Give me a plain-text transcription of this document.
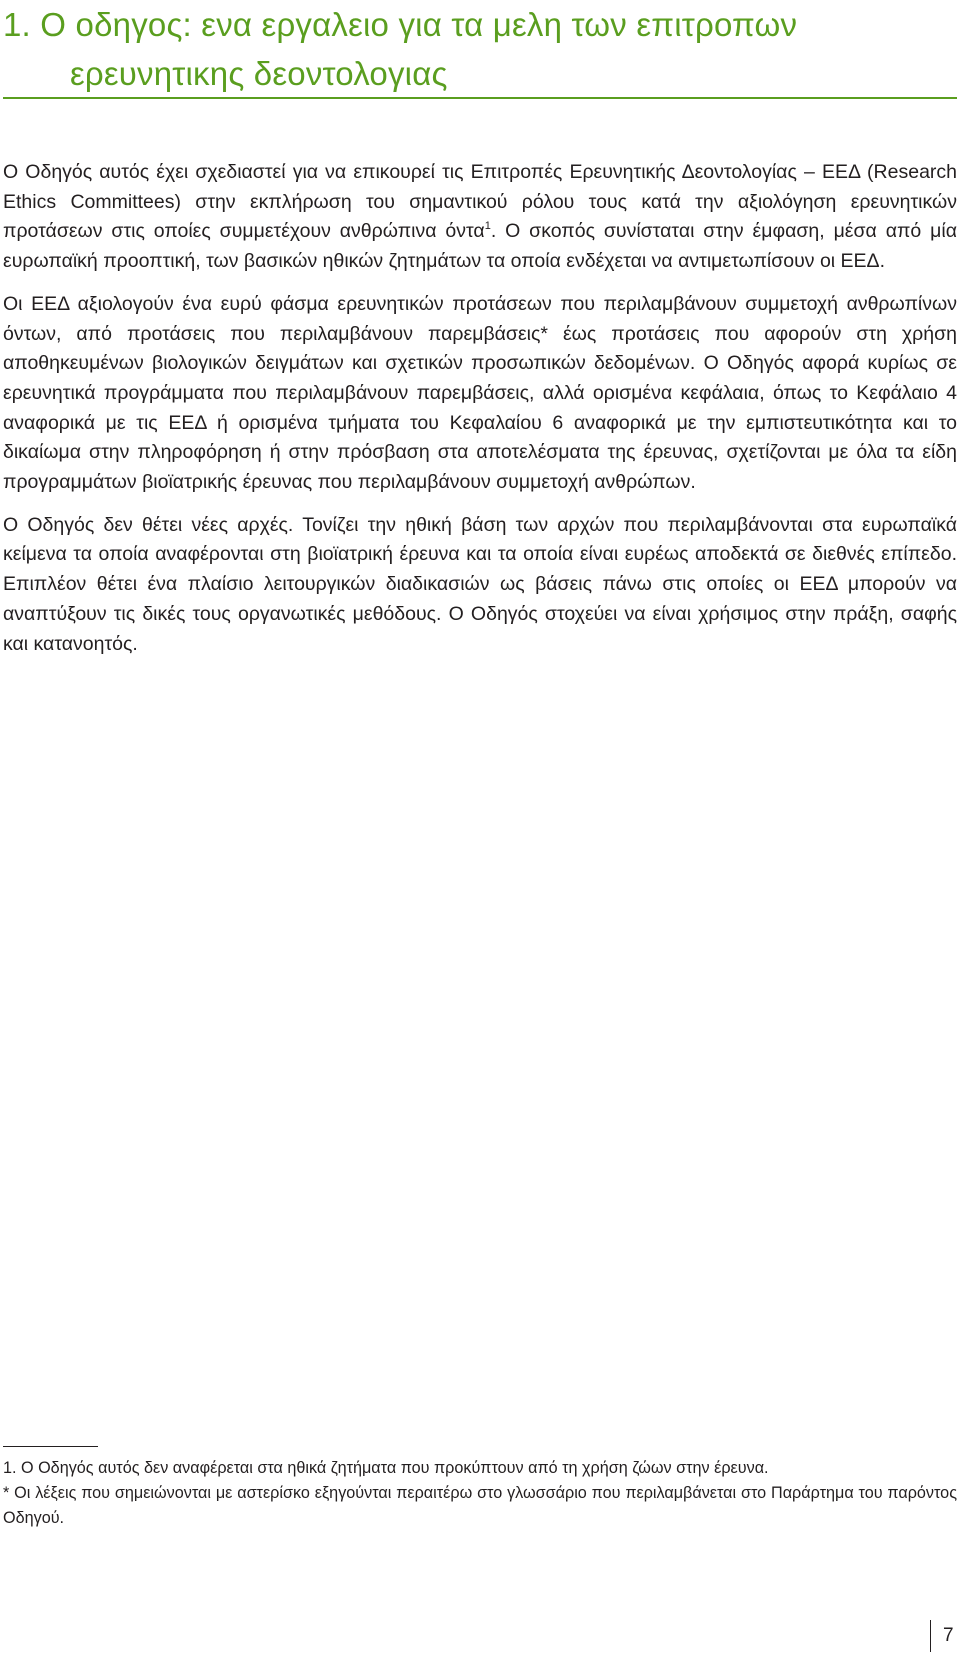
1. Ο οδηγος: ενα εργαλειο για τα μελη των επιτροπων
ερευνητικης δεοντολογιας

Ο Οδηγός αυτός έχει σχεδιαστεί για να επικουρεί τις Επιτροπές Ερευνητικής Δεοντολογίας – ΕΕΔ (Research Ethics Committees) στην εκπλήρωση του σημαντικού ρόλου τους κατά την αξιολόγηση ερευνητικών προτάσεων στις οποίες συμμετέχουν ανθρώπινα όντα$^1$. Ο σκοπός συνίσταται στην έμφαση, μέσα από μία ευρωπαϊκή προοπτική, των βασικών ηθικών ζητημάτων τα οποία ενδέχεται να αντιμετωπίσουν οι ΕΕΔ.

Οι ΕΕΔ αξιολογούν ένα ευρύ φάσμα ερευνητικών προτάσεων που περιλαμβάνουν συμμετοχή ανθρωπίνων όντων, από προτάσεις που περιλαμβάνουν παρεμβάσεις* έως προτάσεις που αφορούν στη χρήση αποθηκευμένων βιολογικών δειγμάτων και σχετικών προσωπικών δεδομένων. Ο Οδηγός αφορά κυρίως σε ερευνητικά προγράμματα που περιλαμβάνουν παρεμβάσεις, αλλά ορισμένα κεφάλαια, όπως το Κεφάλαιο 4 αναφορικά με τις ΕΕΔ ή ορισμένα τμήματα του Κεφαλαίου 6 αναφορικά με την εμπιστευτικότητα και το δικαίωμα στην πληροφόρηση ή στην πρόσβαση στα αποτελέσματα της έρευνας, σχετίζονται με όλα τα είδη προγραμμάτων βιοϊατρικής έρευνας που περιλαμβάνουν συμμετοχή ανθρώπων.

Ο Οδηγός δεν θέτει νέες αρχές. Τονίζει την ηθική βάση των αρχών που περιλαμβάνονται στα ευρωπαϊκά κείμενα τα οποία αναφέρονται στη βιοϊατρική έρευνα και τα οποία είναι ευρέως αποδεκτά σε διεθνές επίπεδο. Επιπλέον θέτει ένα πλαίσιο λειτουργικών διαδικασιών ως βάσεις πάνω στις οποίες οι ΕΕΔ μπορούν να αναπτύξουν τις δικές τους οργανωτικές μεθόδους. Ο Οδηγός στοχεύει να είναι χρήσιμος στην πράξη, σαφής και κατανοητός.

1. Ο Οδηγός αυτός δεν αναφέρεται στα ηθικά ζητήματα που προκύπτουν από τη χρήση ζώων στην έρευνα.

* Οι λέξεις που σημειώνονται με αστερίσκο εξηγούνται περαιτέρω στο γλωσσάριο που περιλαμβάνεται στο Παράρτημα του παρόντος Οδηγού.

7
